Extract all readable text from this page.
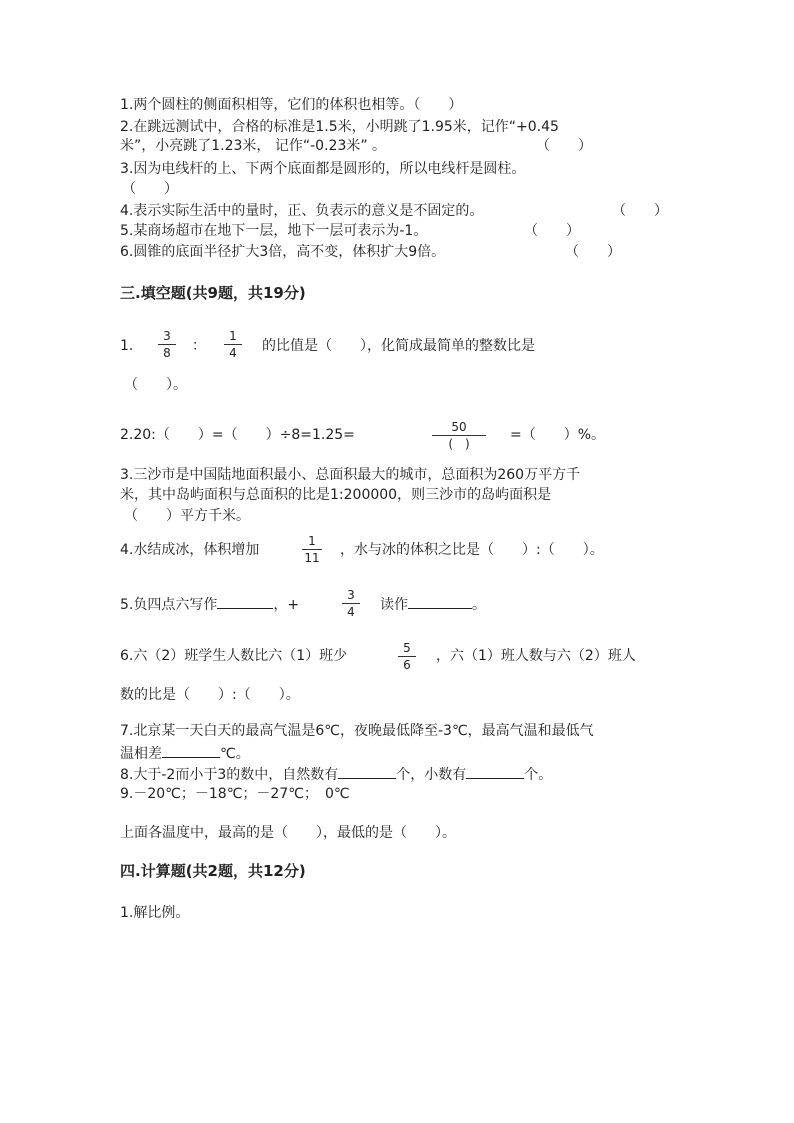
1.两个圆柱的侧面积相等，它们的体积也相等。（　　）
2.在跳远测试中，合格的标准是1.5米，小明跳了1.95米，记作“+0.45
米”，小亮跳了1.23米， 记作“-0.23米” 。	（　　）
3.因为电线杆的上、下两个底面都是圆形的，所以电线杆是圆柱。
（　　）
4.表示实际生活中的量时，正、负表示的意义是不固定的。	（　　）
5.某商场超市在地下一层，地下一层可表示为-1。	（　　）
6.圆锥的底面半径扩大3倍，高不变，体积扩大9倍。	（　　）
三.填空题(共9题，共19分)
1.
3
8	：
1
4	的比值是（　　），化简成最简单的整数比是
（　　）。
2.20:（　　）=（　　）÷8=1.25=	50
(　)
=（　　）%。
3.三沙市是中国陆地面积最小、总面积最大的城市，总面积为260万平方千
米，其中岛屿面积与总面积的比是1:200000，则三沙市的岛屿面积是
（　　）平方千米。
4.水结成冰，体积增加
1
11 ，水与冰的体积之比是（　　）:（　　）。
5.负四点六写作	，+
3
4	读作	。
6.六（2）班学生人数比六（1）班少	5
6
，六（1）班人数与六（2）班人
数的比是（　　）:（　　）。
7.北京某一天白天的最高气温是6℃，夜晚最低降至-3℃，最高气温和最低气
温相差	℃。
8.大于-2而小于3的数中，自然数有	个，小数有	个。
9.－20℃；－18℃；－27℃；　0℃
上面各温度中，最高的是（　　），最低的是（　　）。
四.计算题(共2题，共12分)
1.解比例。
